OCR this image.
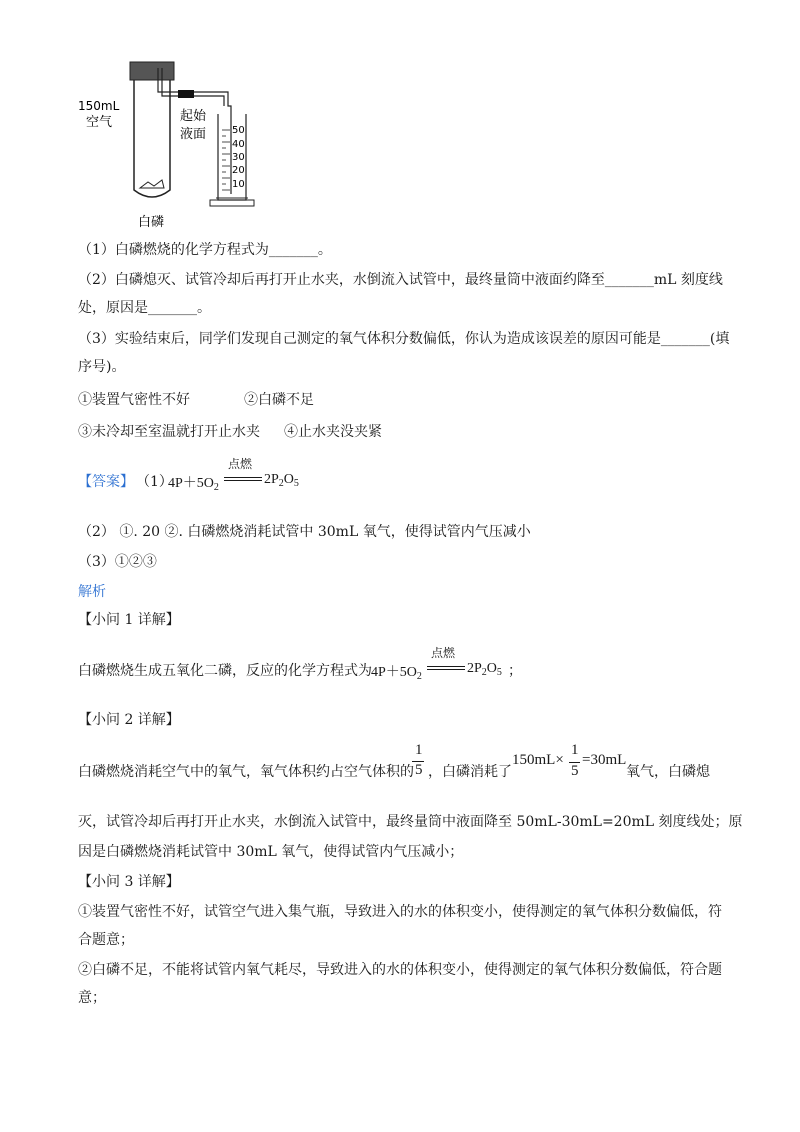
50
40
30
20
10
150mL
空气	起始
液面
白磷
（1）白磷燃烧的化学方程式为_______。
（2）白磷熄灭、试管冷却后再打开止水夹，水倒流入试管中，最终量筒中液面约降至_______mL 刻度线
处，原因是_______。
（3）实验结束后，同学们发现自己测定的氧气体积分数偏低，你认为造成该误差的原因可能是_______(填
序号)。
①装置气密性不好	②白磷不足
③未冷却至室温就打开止水夹 ④止水夹没夹紧
【答案】 （1）
$4P+5O_2$
点燃
$2P_2O_5$
（2） ①. 20 ②. 白磷燃烧消耗试管中 30mL 氧气，使得试管内气压减小
（3）①②③
解析
【小问 1 详解】
白磷燃烧生成五氧化二磷，反应的化学方程式为 $4P+5O_2$
点燃
$2P_2O_5$ ；
【小问 2 详解】
白磷燃烧消耗空气中的氧气，氧气体积约占空气体积的
1
5 ，白磷消耗了
150mL×
1
5
=30mL
氧气，白磷熄
灭，试管冷却后再打开止水夹，水倒流入试管中，最终量筒中液面降至 50mL-30mL=20mL 刻度线处；原
因是白磷燃烧消耗试管中 30mL 氧气，使得试管内气压减小；
【小问 3 详解】
①装置气密性不好，试管空气进入集气瓶，导致进入的水的体积变小，使得测定的氧气体积分数偏低，符
合题意；
②白磷不足，不能将试管内氧气耗尽，导致进入的水的体积变小，使得测定的氧气体积分数偏低，符合题
意；
